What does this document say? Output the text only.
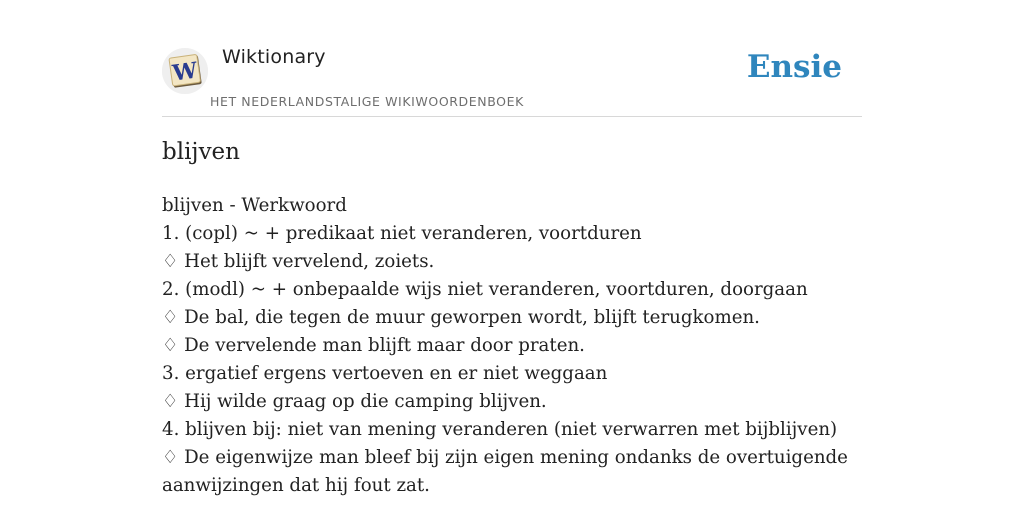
W
Wiktionary
HET NEDERLANDSTALIGE WIKIWOORDENBOEK
Ensie
blijven
blijven - Werkwoord
1. (copl) ~ + predikaat niet veranderen, voortduren
♢ Het blijft vervelend, zoiets.
2. (modl) ~ + onbepaalde wijs niet veranderen, voortduren, doorgaan
♢ De bal, die tegen de muur geworpen wordt, blijft terugkomen.
♢ De vervelende man blijft maar door praten.
3. ergatief ergens vertoeven en er niet weggaan
♢ Hij wilde graag op die camping blijven.
4. blijven bij: niet van mening veranderen (niet verwarren met bijblijven)
♢ De eigenwijze man bleef bij zijn eigen mening ondanks de overtuigende aanwijzingen dat hij fout zat.
